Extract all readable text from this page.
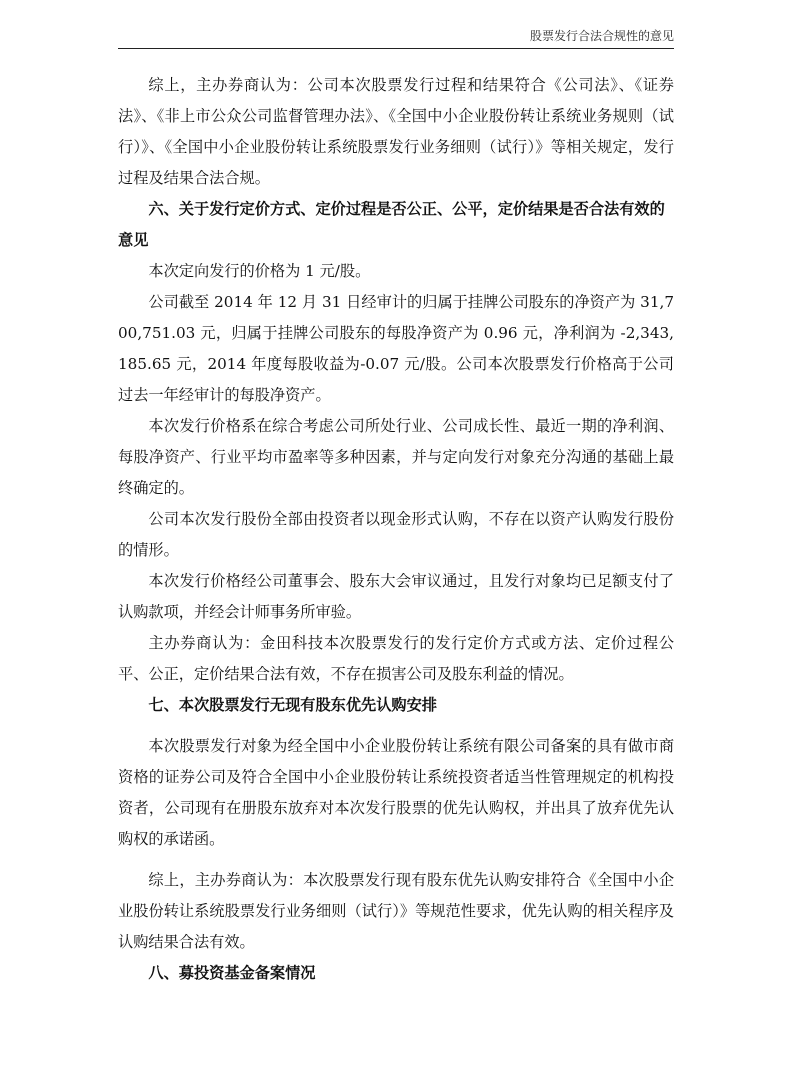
股票发行合法合规性的意见

综上，主办券商认为：公司本次股票发行过程和结果符合《公司法》、《证券法》、《非上市公众公司监督管理办法》、《全国中小企业股份转让系统业务规则（试行）》、《全国中小企业股份转让系统股票发行业务细则（试行）》等相关规定，发行过程及结果合法合规。

六、关于发行定价方式、定价过程是否公正、公平，定价结果是否合法有效的意见

本次定向发行的价格为 1 元/股。

公司截至 2014 年 12 月 31 日经审计的归属于挂牌公司股东的净资产为 31,700,751.03 元，归属于挂牌公司股东的每股净资产为 0.96 元，净利润为 -2,343,185.65 元，2014 年度每股收益为-0.07 元/股。公司本次股票发行价格高于公司过去一年经审计的每股净资产。

本次发行价格系在综合考虑公司所处行业、公司成长性、最近一期的净利润、每股净资产、行业平均市盈率等多种因素，并与定向发行对象充分沟通的基础上最终确定的。

公司本次发行股份全部由投资者以现金形式认购，不存在以资产认购发行股份的情形。

本次发行价格经公司董事会、股东大会审议通过，且发行对象均已足额支付了认购款项，并经会计师事务所审验。

主办券商认为：金田科技本次股票发行的发行定价方式或方法、定价过程公平、公正，定价结果合法有效，不存在损害公司及股东利益的情况。

七、本次股票发行无现有股东优先认购安排

本次股票发行对象为经全国中小企业股份转让系统有限公司备案的具有做市商资格的证券公司及符合全国中小企业股份转让系统投资者适当性管理规定的机构投资者，公司现有在册股东放弃对本次发行股票的优先认购权，并出具了放弃优先认购权的承诺函。

综上，主办券商认为：本次股票发行现有股东优先认购安排符合《全国中小企业股份转让系统股票发行业务细则（试行）》等规范性要求，优先认购的相关程序及认购结果合法有效。

八、募投资基金备案情况
